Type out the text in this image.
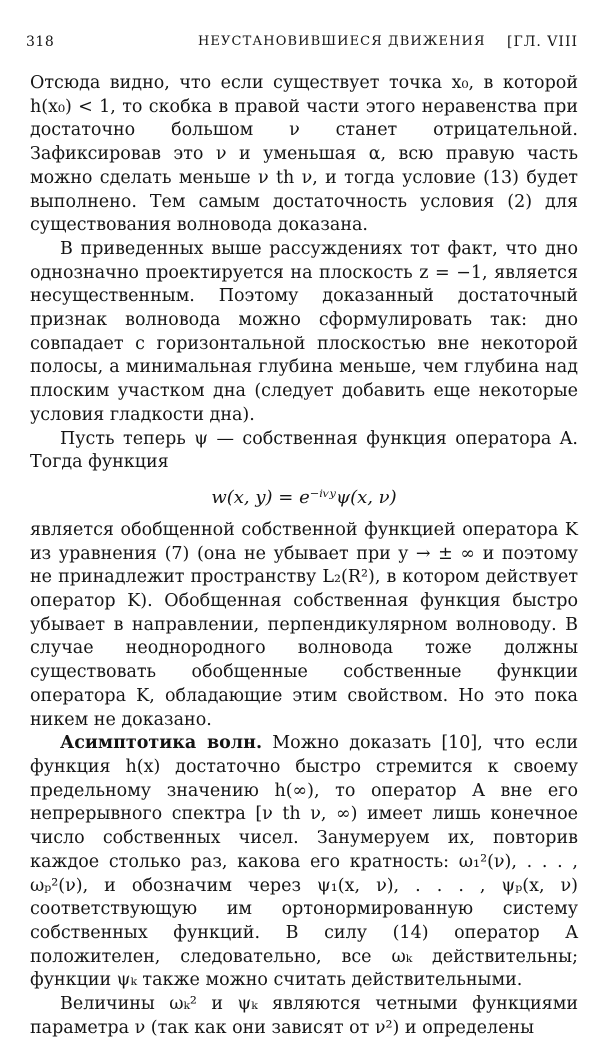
318	НЕУСТАНОВИВШИЕСЯ ДВИЖЕНИЯ [ГЛ. VIII

Отсюда видно, что если существует точка x₀, в которой h(x₀) < 1, то скобка в правой части этого неравенства при достаточно большом ν станет отрицательной. Зафиксировав это ν и уменьшая α, всю правую часть можно сделать меньше ν th ν, и тогда условие (13) будет выполнено. Тем самым достаточность условия (2) для существования волновода доказана.

В приведенных выше рассуждениях тот факт, что дно однозначно проектируется на плоскость z = −1, является несущественным. Поэтому доказанный достаточный признак волновода можно сформулировать так: дно совпадает с горизонтальной плоскостью вне некоторой полосы, а минимальная глубина меньше, чем глубина над плоским участком дна (следует добавить еще некоторые условия гладкости дна).

Пусть теперь ψ — собственная функция оператора A. Тогда функция

w(x, y) = e⁻ⁱᵛʸψ(x, ν)

является обобщенной собственной функцией оператора K из уравнения (7) (она не убывает при y → ± ∞ и поэтому не принадлежит пространству L₂(R²), в котором действует оператор K). Обобщенная собственная функция быстро убывает в направлении, перпендикулярном волноводу. В случае неоднородного волновода тоже должны существовать обобщенные собственные функции оператора K, обладающие этим свойством. Но это пока никем не доказано.

Асимптотика волн. Можно доказать [10], что если функция h(x) достаточно быстро стремится к своему предельному значению h(∞), то оператор A вне его непрерывного спектра [ν th ν, ∞) имеет лишь конечное число собственных чисел. Занумеруем их, повторив каждое столько раз, какова его кратность: ω₁²(ν), . . . , ωₚ²(ν), и обозначим через ψ₁(x, ν), . . . , ψₚ(x, ν) соответствующую им ортонормированную систему собственных функций. В силу (14) оператор A положителен, следовательно, все ωₖ действительны; функции ψₖ также можно считать действительными.

Величины ωₖ² и ψₖ являются четными функциями параметра ν (так как они зависят от ν²) и определены
